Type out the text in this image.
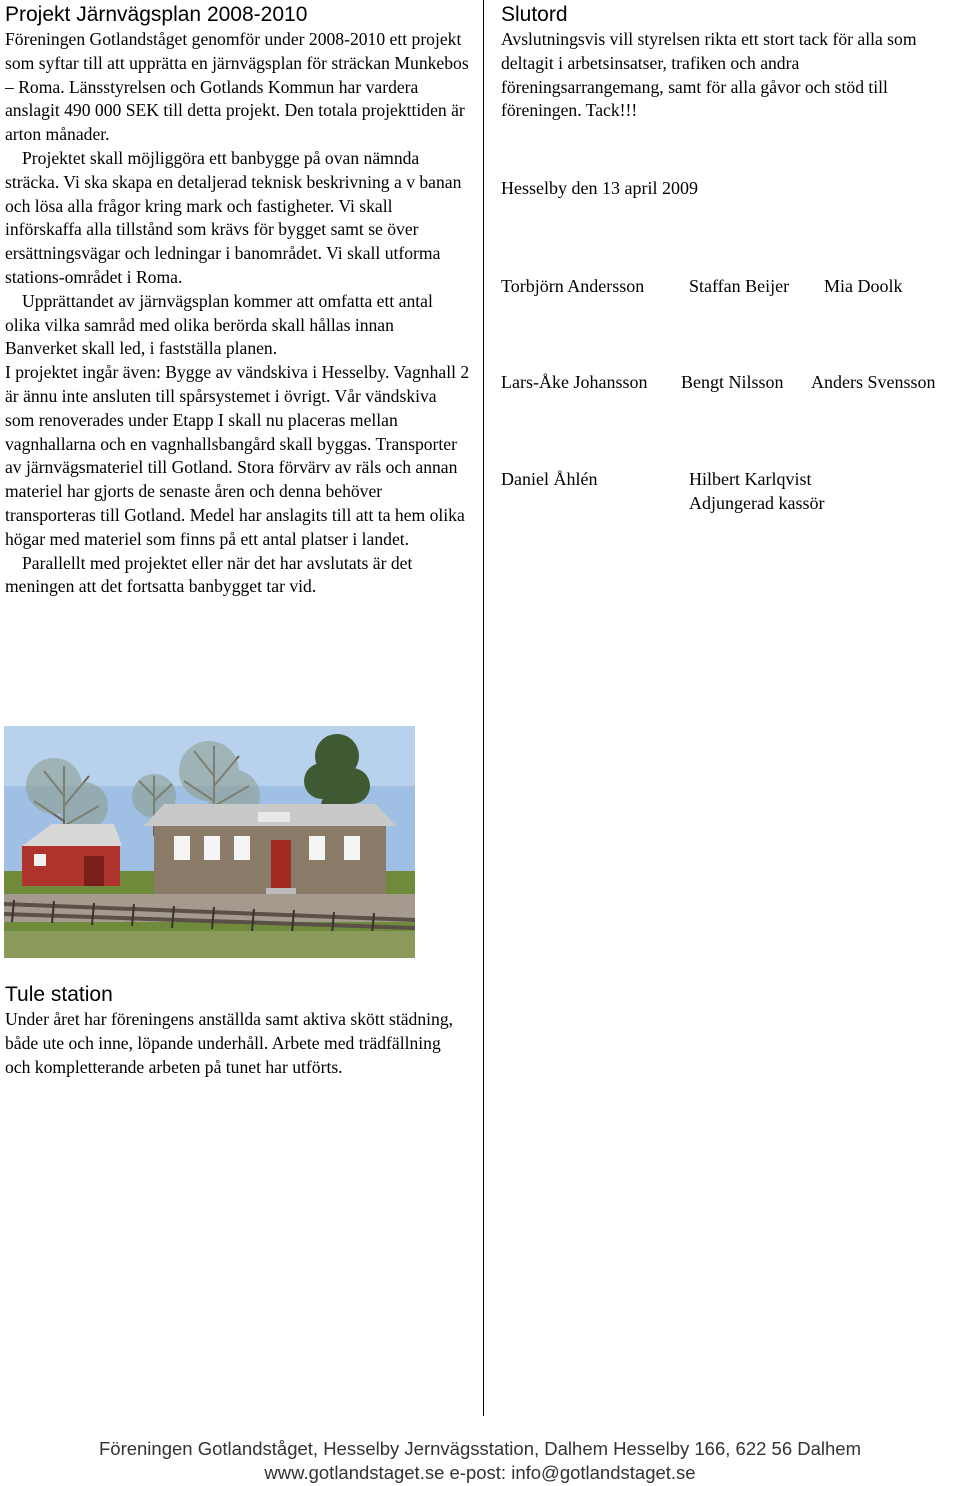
Projekt Järnvägsplan 2008-2010

Föreningen Gotlandståget genomför under 2008-2010 ett projekt som syftar till att upprätta en järnvägsplan för sträckan Munkebos – Roma. Länsstyrelsen och Gotlands Kommun har vardera anslagit 490 000 SEK till detta projekt. Den totala projekttiden är arton månader.

Projektet skall möjliggöra ett banbygge på ovan nämnda sträcka. Vi ska skapa en detaljerad teknisk beskrivning a v banan och lösa alla frågor kring mark och fastigheter. Vi skall införskaffa alla tillstånd som krävs för bygget samt se över ersättningsvägar och ledningar i banområdet. Vi skall utforma stations-området i Roma.

Upprättandet av järnvägsplan kommer att omfatta ett antal olika vilka samråd med olika berörda skall hållas innan Banverket skall led, i fastställa planen.

I projektet ingår även: Bygge av vändskiva i Hesselby. Vagnhall 2 är ännu inte ansluten till spårsystemet i övrigt. Vår vändskiva som renoverades under Etapp I skall nu placeras mellan vagnhallarna och en vagnhallsbangård skall byggas. Transporter av järnvägsmateriel till Gotland. Stora förvärv av räls och annan materiel har gjorts de senaste åren och denna behöver transporteras till Gotland. Medel har anslagits till att ta hem olika högar med materiel som finns på ett antal platser i landet.

Parallellt med projektet eller när det har avslutats är det meningen att det fortsatta banbygget tar vid.

Tule station

Under året har föreningens anställda samt aktiva skött städning, både ute och inne, löpande underhåll. Arbete med trädfällning och kompletterande arbeten på tunet har utförts.

Slutord

Avslutningsvis vill styrelsen rikta ett stort tack för alla som deltagit i arbetsinsatser, trafiken och andra föreningsarrangemang, samt för alla gåvor och stöd till föreningen. Tack!!!

Hesselby den 13 april 2009
Torbjörn Andersson Staffan Beijer Mia Doolk
Lars-Åke Johansson Bengt Nilsson Anders Svensson
Daniel Åhlén	Hilbert Karlqvist
Adjungerad kassör
Föreningen Gotlandståget, Hesselby Jernvägsstation, Dalhem Hesselby 166, 622 56 Dalhem
www.gotlandstaget.se e-post: info@gotlandstaget.se
